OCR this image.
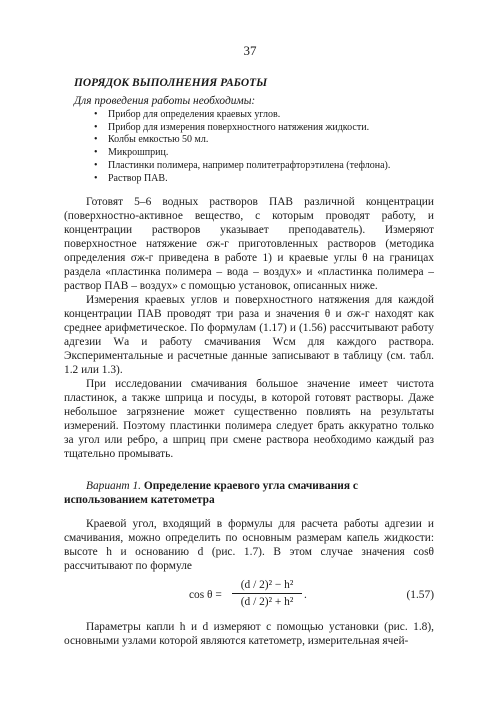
37
ПОРЯДОК ВЫПОЛНЕНИЯ РАБОТЫ
Для проведения работы необходимы:
• Прибор для определения краевых углов.
• Прибор для измерения поверхностного натяжения жидкости.
• Колбы емкостью 50 мл.
• Микрошприц.
• Пластинки полимера, например политетрафторэтилена (тефлона).
• Раствор ПАВ.

Готовят 5–6 водных растворов ПАВ различной концентрации (поверхностно-активное вещество, с которым проводят работу, и концентрации растворов указывает преподаватель). Измеряют поверхностное натяжение σж-г приготовленных растворов (методика определения σж-г приведена в работе 1) и краевые углы θ на границах раздела «пластинка полимера – вода – воздух» и «пластинка полимера – раствор ПАВ – воздух» с помощью установок, описанных ниже.

Измерения краевых углов и поверхностного натяжения для каждой концентрации ПАВ проводят три раза и значения θ и σж-г находят как среднее арифметическое. По формулам (1.17) и (1.56) рассчитывают работу адгезии Wа и работу смачивания Wсм для каждого раствора. Экспериментальные и расчетные данные записывают в таблицу (см. табл. 1.2 или 1.3).

При исследовании смачивания большое значение имеет чистота пластинок, а также шприца и посуды, в которой готовят растворы. Даже небольшое загрязнение может существенно повлиять на результаты измерений. Поэтому пластинки полимера следует брать аккуратно только за угол или ребро, а шприц при смене раствора необходимо каждый раз тщательно промывать.

Вариант 1. Определение краевого угла смачивания с использованием катетометра

Краевой угол, входящий в формулы для расчета работы адгезии и смачивания, можно определить по основным размерам капель жидкости: высоте h и основанию d (рис. 1.7). В этом случае значения cosθ рассчитывают по формуле

$\cos \theta = \frac{\text{(d / 2)² − h²}}{\text{(d / 2)² + h²}}$ .	(1.57)

Параметры капли h и d измеряют с помощью установки (рис. 1.8), основными узлами которой являются катетометр, измерительная ячей-
